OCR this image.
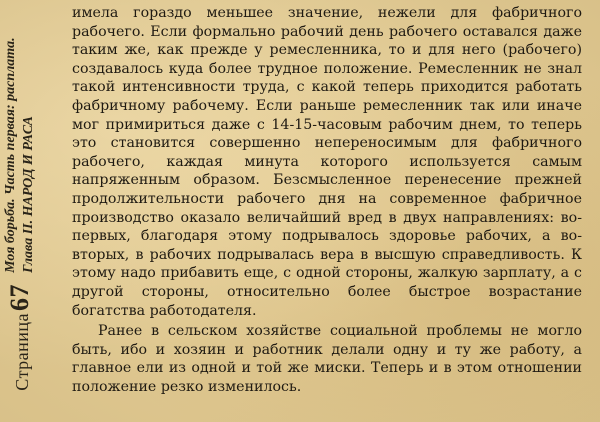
Страница67
Моя борьба. Часть первая: расплата. Глава II. НАРОД И РАСА

имела гораздо меньшее значение, нежели для фабричного рабочего. Если формально рабочий день рабочего оставался даже таким же, как прежде у ремесленника, то и для него (рабочего) создавалось куда более трудное положение. Ремесленник не знал такой интенсивности труда, с какой теперь приходится работать фабричному рабочему. Если раньше ремесленник так или иначе мог примириться даже с 14-15-часовым рабочим днем, то теперь это становится совершенно непереносимым для фабричного рабочего, каждая минута которого используется самым напряженным образом. Безсмысленное перенесение прежней продолжительности рабочего дня на современное фабричное производство оказало величайший вред в двух направлениях: во-первых, благодаря этому подрывалось здоровье рабочих, а во-вторых, в рабочих подрывалась вера в высшую справедливость. К этому надо прибавить еще, с одной стороны, жалкую зарплату, а с другой стороны, относительно более быстрое возрастание богатства работодателя.

Ранее в сельском хозяйстве социальной проблемы не могло быть, ибо и хозяин и работник делали одну и ту же работу, а главное ели из одной и той же миски. Теперь и в этом отношении положение резко изменилось.
